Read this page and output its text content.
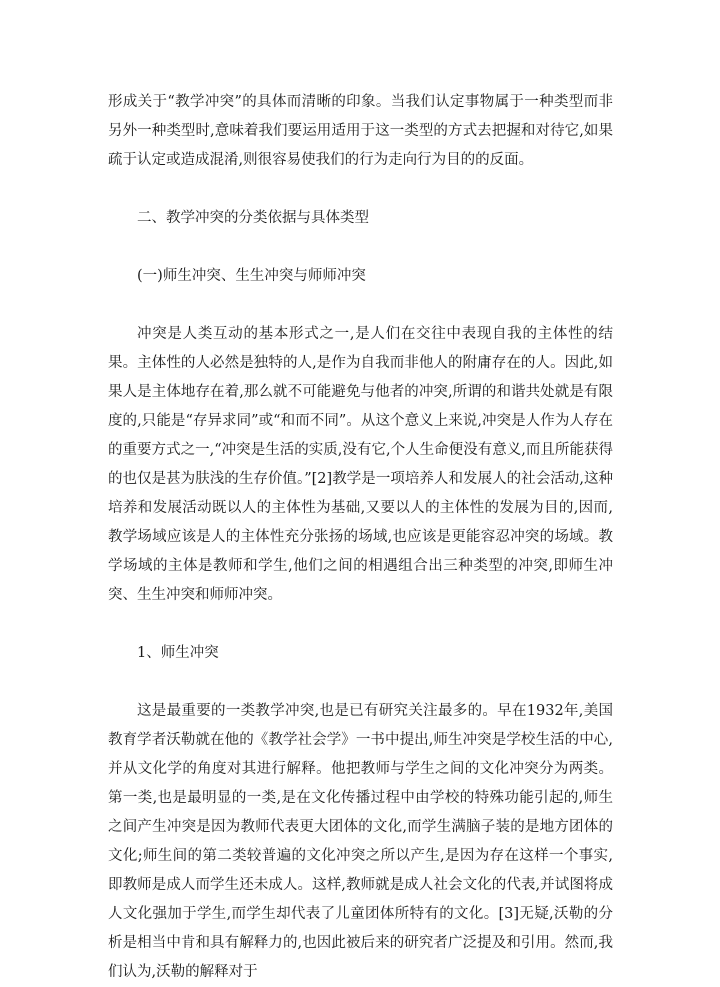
形成关于“教学冲突”的具体而清晰的印象。当我们认定事物属于一种类型而非另外一种类型时,意味着我们要运用适用于这一类型的方式去把握和对待它,如果疏于认定或造成混淆,则很容易使我们的行为走向行为目的的反面。

二、教学冲突的分类依据与具体类型

(一)师生冲突、生生冲突与师师冲突

冲突是人类互动的基本形式之一,是人们在交往中表现自我的主体性的结果。主体性的人必然是独特的人,是作为自我而非他人的附庸存在的人。因此,如果人是主体地存在着,那么就不可能避免与他者的冲突,所谓的和谐共处就是有限度的,只能是“存异求同”或“和而不同”。从这个意义上来说,冲突是人作为人存在的重要方式之一,“冲突是生活的实质,没有它,个人生命便没有意义,而且所能获得的也仅是甚为肤浅的生存价值。”[2]教学是一项培养人和发展人的社会活动,这种培养和发展活动既以人的主体性为基础,又要以人的主体性的发展为目的,因而,教学场域应该是人的主体性充分张扬的场域,也应该是更能容忍冲突的场域。教学场域的主体是教师和学生,他们之间的相遇组合出三种类型的冲突,即师生冲突、生生冲突和师师冲突。

1、师生冲突

这是最重要的一类教学冲突,也是已有研究关注最多的。早在1932年,美国教育学者沃勒就在他的《教学社会学》一书中提出,师生冲突是学校生活的中心,并从文化学的角度对其进行解释。他把教师与学生之间的文化冲突分为两类。第一类,也是最明显的一类,是在文化传播过程中由学校的特殊功能引起的,师生之间产生冲突是因为教师代表更大团体的文化,而学生满脑子装的是地方团体的文化;师生间的第二类较普遍的文化冲突之所以产生,是因为存在这样一个事实,即教师是成人而学生还未成人。这样,教师就是成人社会文化的代表,并试图将成人文化强加于学生,而学生却代表了儿童团体所特有的文化。[3]无疑,沃勒的分析是相当中肯和具有解释力的,也因此被后来的研究者广泛提及和引用。然而,我们认为,沃勒的解释对于
